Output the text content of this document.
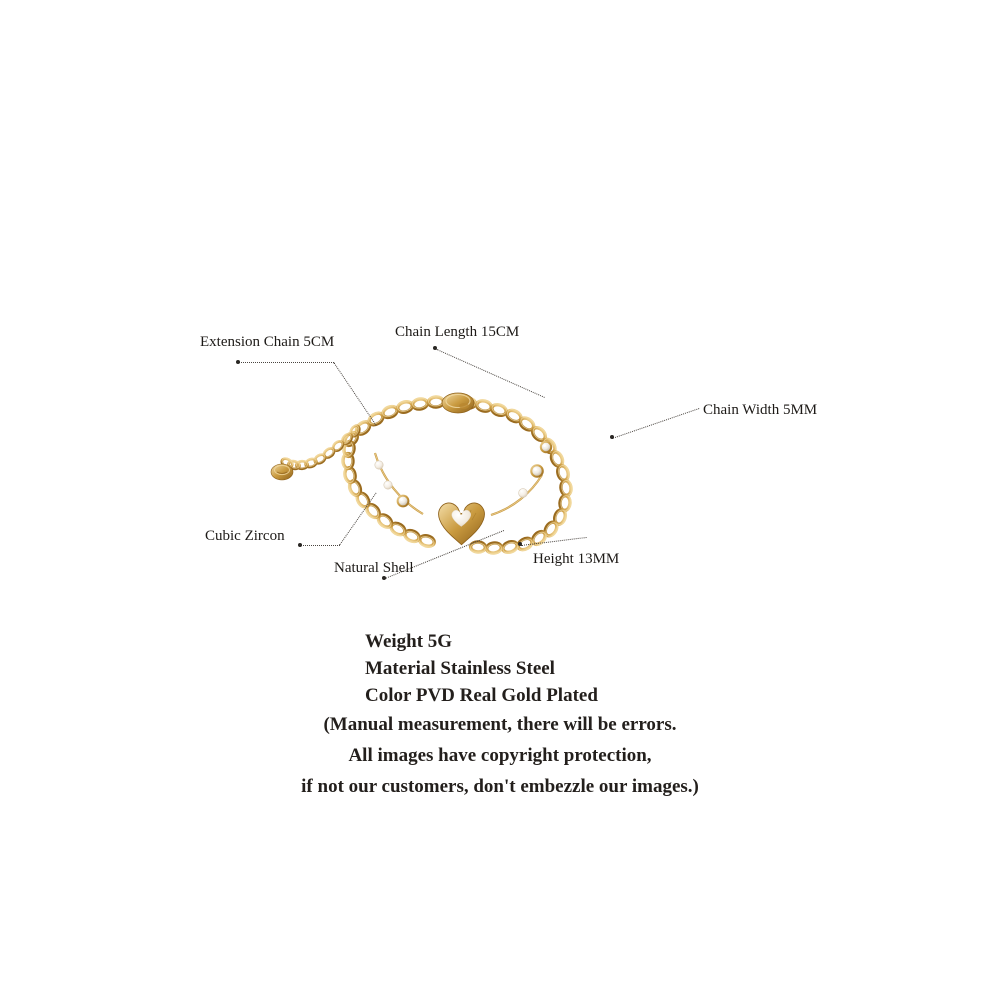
Extension Chain 5CM
Chain Length 15CM
Chain Width 5MM
Cubic Zircon
Natural Shell
Height 13MM
Weight 5G
Material Stainless Steel
Color PVD Real Gold Plated
(Manual measurement, there will be errors.
All images have copyright protection,
if not our customers, don't embezzle our images.)
